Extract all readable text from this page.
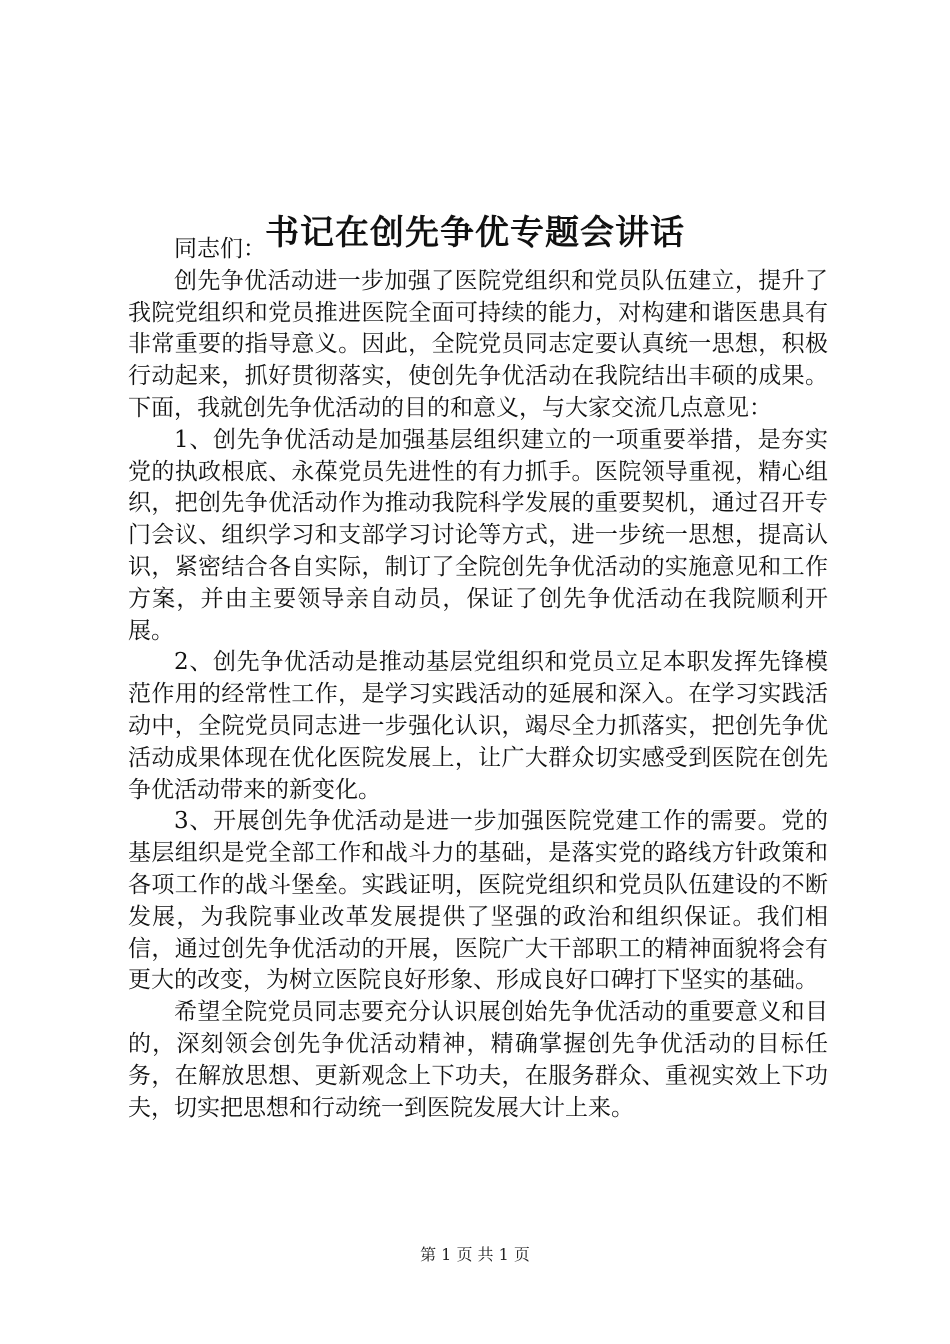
书记在创先争优专题会讲话

同志们：

创先争优活动进一步加强了医院党组织和党员队伍建立，提升了我院党组织和党员推进医院全面可持续的能力，对构建和谐医患具有非常重要的指导意义。因此，全院党员同志定要认真统一思想，积极行动起来，抓好贯彻落实，使创先争优活动在我院结出丰硕的成果。下面，我就创先争优活动的目的和意义，与大家交流几点意见：

1、创先争优活动是加强基层组织建立的一项重要举措，是夯实党的执政根底、永葆党员先进性的有力抓手。医院领导重视，精心组织，把创先争优活动作为推动我院科学发展的重要契机，通过召开专门会议、组织学习和支部学习讨论等方式，进一步统一思想，提高认识，紧密结合各自实际，制订了全院创先争优活动的实施意见和工作方案，并由主要领导亲自动员，保证了创先争优活动在我院顺利开展。

2、创先争优活动是推动基层党组织和党员立足本职发挥先锋模范作用的经常性工作，是学习实践活动的延展和深入。在学习实践活动中，全院党员同志进一步强化认识，竭尽全力抓落实，把创先争优活动成果体现在优化医院发展上，让广大群众切实感受到医院在创先争优活动带来的新变化。

3、开展创先争优活动是进一步加强医院党建工作的需要。党的基层组织是党全部工作和战斗力的基础，是落实党的路线方针政策和各项工作的战斗堡垒。实践证明，医院党组织和党员队伍建设的不断发展，为我院事业改革发展提供了坚强的政治和组织保证。我们相信，通过创先争优活动的开展，医院广大干部职工的精神面貌将会有更大的改变，为树立医院良好形象、形成良好口碑打下坚实的基础。

希望全院党员同志要充分认识展创始先争优活动的重要意义和目的，深刻领会创先争优活动精神，精确掌握创先争优活动的目标任务，在解放思想、更新观念上下功夫，在服务群众、重视实效上下功夫，切实把思想和行动统一到医院发展大计上来。

第 1 页 共 1 页
